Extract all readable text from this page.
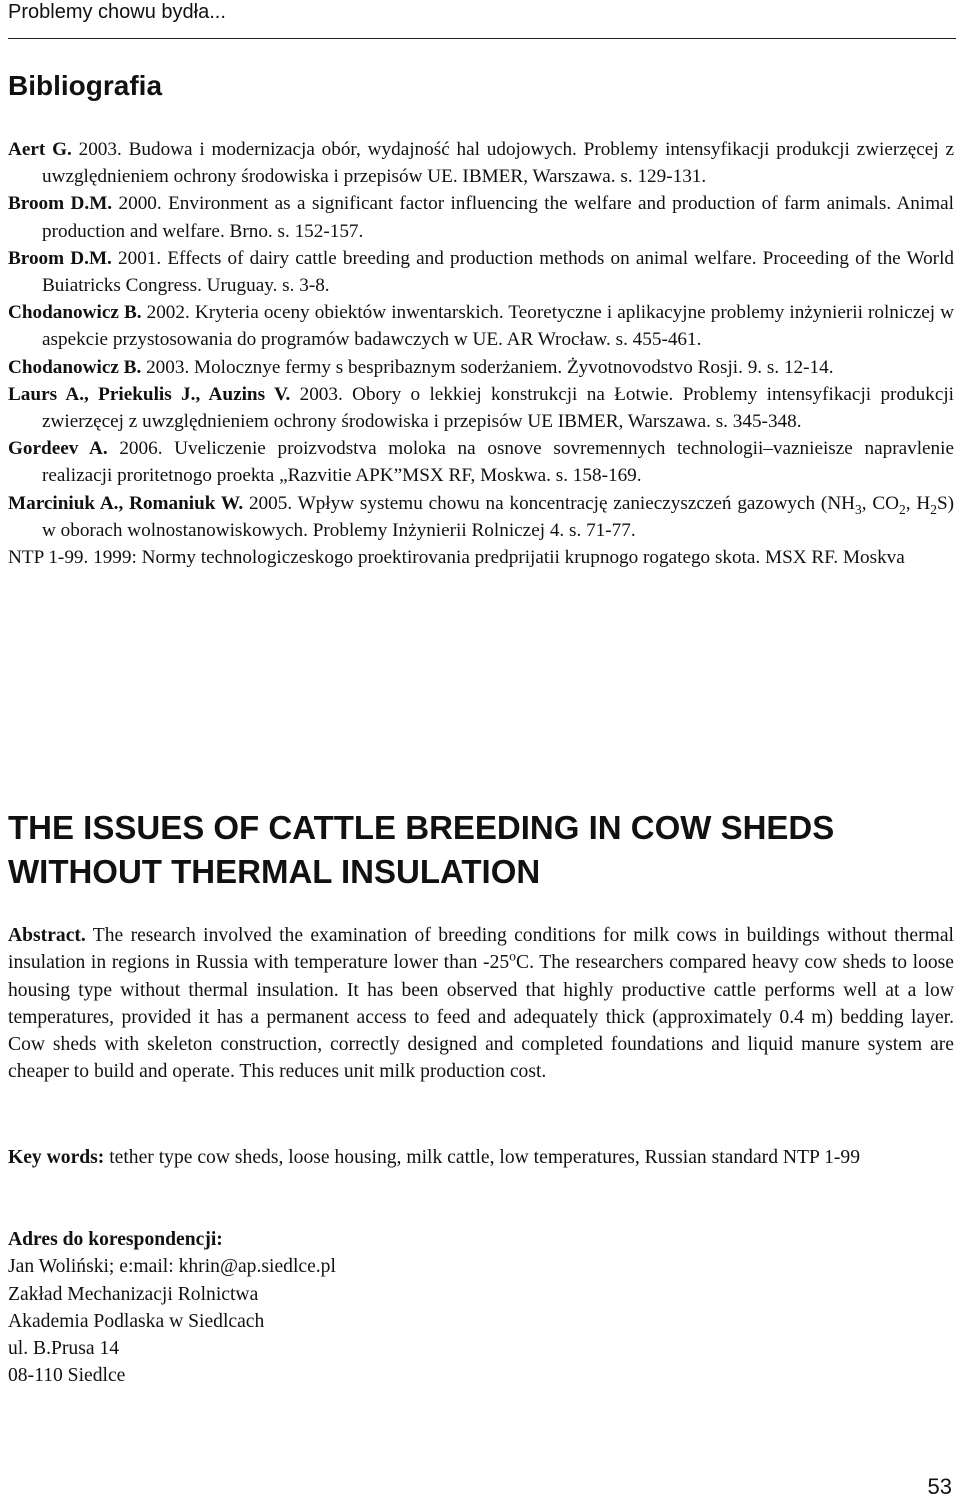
Problemy chowu bydła...
Bibliografia

Aert G. 2003. Budowa i modernizacja obór, wydajność hal udojowych. Problemy intensyfikacji produkcji zwierzęcej z uwzględnieniem ochrony środowiska i przepisów UE. IBMER, Warszawa. s. 129-131.

Broom D.M. 2000. Environment as a significant factor influencing the welfare and production of farm animals. Animal production and welfare. Brno. s. 152-157.

Broom D.M. 2001. Effects of dairy cattle breeding and production methods on animal welfare. Proceeding of the World Buiatricks Congress. Uruguay. s. 3-8.

Chodanowicz B. 2002. Kryteria oceny obiektów inwentarskich. Teoretyczne i aplikacyjne problemy inżynierii rolniczej w aspekcie przystosowania do programów badawczych w UE. AR Wrocław. s. 455-461.

Chodanowicz B. 2003. Molocznye fermy s bespribaznym soderżaniem. Żyvotnovodstvo Rosji. 9. s. 12-14.

Laurs A., Priekulis J., Auzins V. 2003. Obory o lekkiej konstrukcji na Łotwie. Problemy intensyfikacji produkcji zwierzęcej z uwzględnieniem ochrony środowiska i przepisów UE IBMER, Warszawa. s. 345-348.

Gordeev A. 2006. Uveliczenie proizvodstva moloka na osnove sovremennych technologii–vaznieisze napravlenie realizacji proritetnogo proekta „Razvitie APK”MSX RF, Moskwa. s. 158-169.

Marciniuk A., Romaniuk W. 2005. Wpływ systemu chowu na koncentrację zanieczyszczeń gazowych ($NH_3$, $CO_2$, $H_2S$) w oborach wolnostanowiskowych. Problemy Inżynierii Rolniczej 4. s. 71-77.

NTP 1-99. 1999: Normy technologiczeskogo proektirovania predprijatii krupnogo rogatego skota. MSX RF. Moskva

THE ISSUES OF CATTLE BREEDING IN COW SHEDS
WITHOUT THERMAL INSULATION

Abstract. The research involved the examination of breeding conditions for milk cows in buildings without thermal insulation in regions in Russia with temperature lower than -25$^o$C. The researchers compared heavy cow sheds to loose housing type without thermal insulation. It has been observed that highly productive cattle performs well at a low temperatures, provided it has a permanent access to feed and adequately thick (approximately 0.4 m) bedding layer. Cow sheds with skeleton construction, correctly designed and completed foundations and liquid manure system are cheaper to build and operate. This reduces unit milk production cost.

Key words: tether type cow sheds, loose housing, milk cattle, low temperatures, Russian standard NTP 1-99

Adres do korespondencji:
Jan Woliński; e:mail: khrin@ap.siedlce.pl
Zakład Mechanizacji Rolnictwa
Akademia Podlaska w Siedlcach
ul. B.Prusa 14
08-110 Siedlce
53
